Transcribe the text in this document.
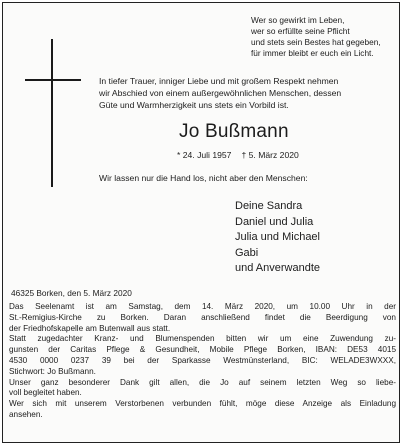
Wer so gewirkt im Leben,
wer so erfüllte seine Pflicht
und stets sein Bestes hat gegeben,
für immer bleibt er euch ein Licht.
In tiefer Trauer, inniger Liebe und mit großem Respekt nehmen
wir Abschied von einem außergewöhnlichen Menschen, dessen
Güte und Warmherzigkeit uns stets ein Vorbild ist.
Jo Bußmann
* 24. Juli 1957 † 5. März 2020
Wir lassen nur die Hand los, nicht aber den Menschen:
Deine Sandra
Daniel und Julia
Julia und Michael
Gabi
und Anverwandte
46325 Borken, den 5. März 2020
Das Seelenamt ist am Samstag, dem 14. März 2020, um 10.00 Uhr in der
St.-Remigius-Kirche zu Borken. Daran anschließend findet die Beerdigung von
der Friedhofskapelle am Butenwall aus statt.
Statt zugedachter Kranz- und Blumenspenden bitten wir um eine Zuwendung zu-
gunsten der Caritas Pflege & Gesundheit, Mobile Pflege Borken, IBAN: DE53 4015
4530 0000 0237 39 bei der Sparkasse Westmünsterland, BIC: WELADE3WXXX,
Stichwort: Jo Bußmann.
Unser ganz besonderer Dank gilt allen, die Jo auf seinem letzten Weg so liebe-
voll begleitet haben.
Wer sich mit unserem Verstorbenen verbunden fühlt, möge diese Anzeige als Einladung
ansehen.
